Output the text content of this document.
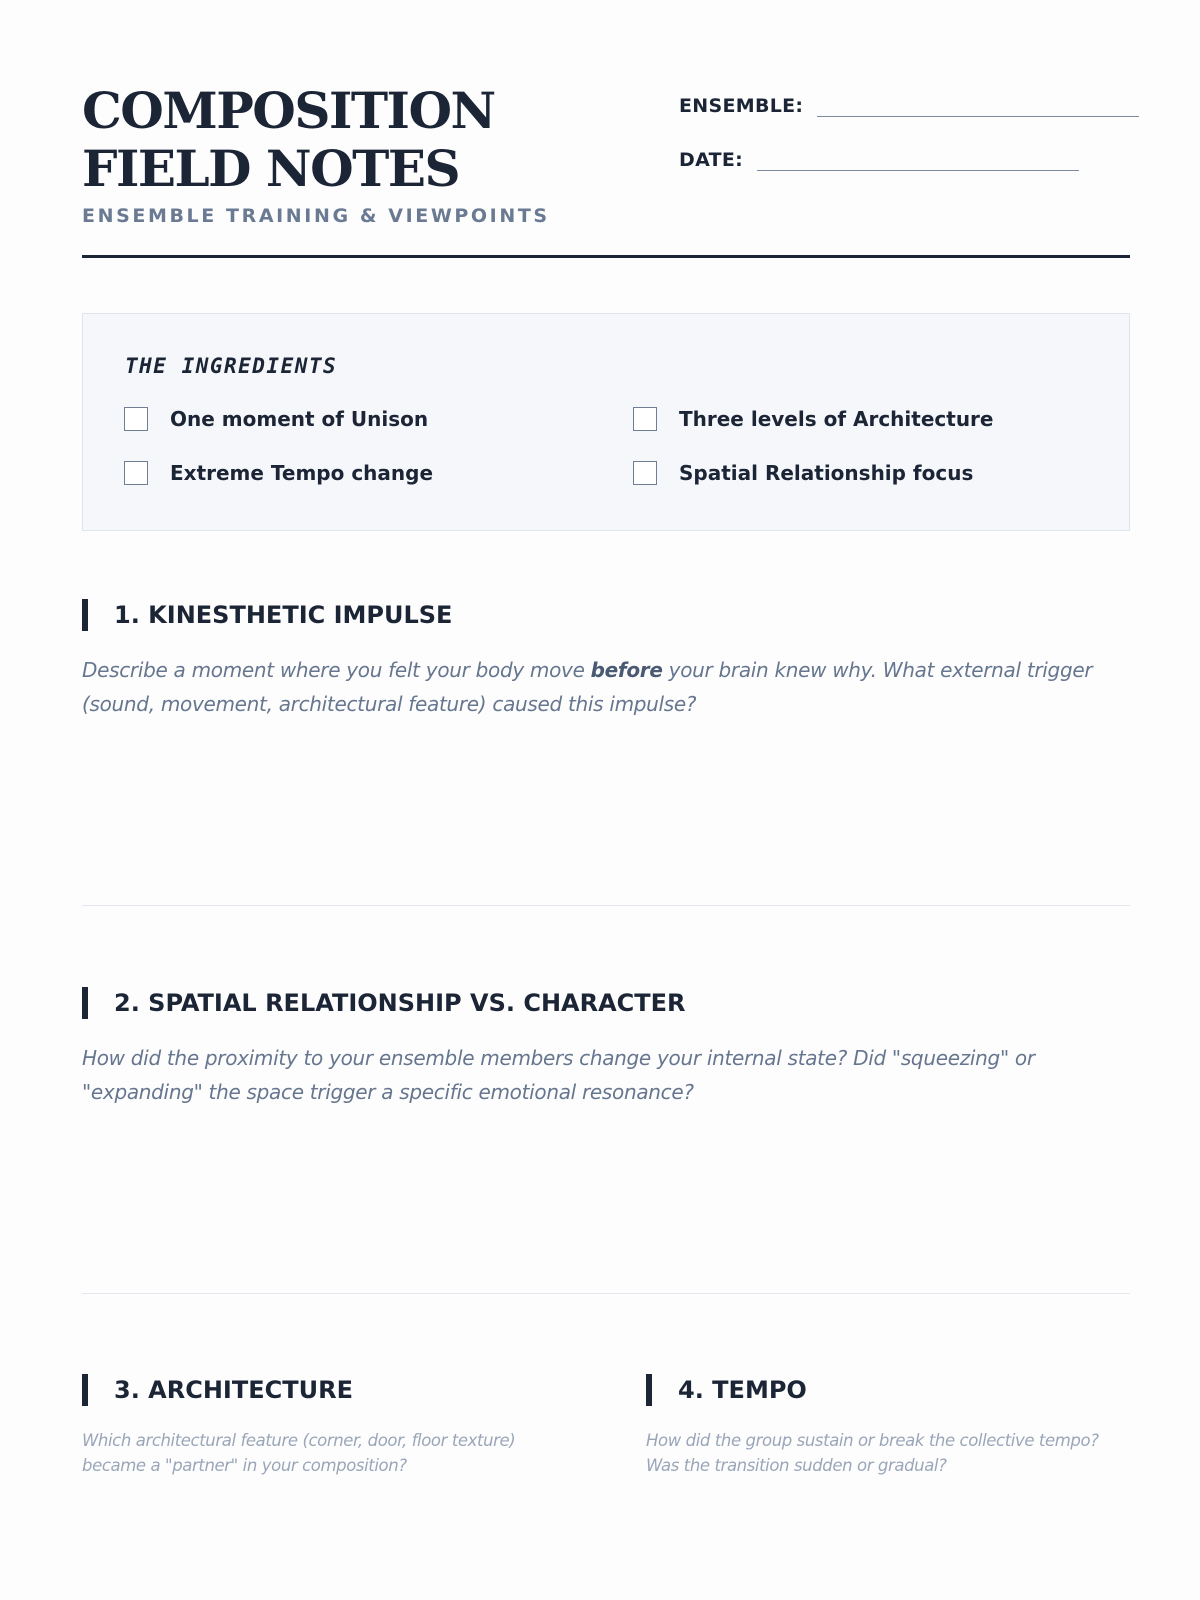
COMPOSITION FIELD NOTES
ENSEMBLE TRAINING & VIEWPOINTS
ENSEMBLE:
DATE:
THE INGREDIENTS
One moment of Unison	Three levels of Architecture
Extreme Tempo change	Spatial Relationship focus
1. KINESTHETIC IMPULSE
Describe a moment where you felt your body move before your brain knew why. What external trigger (sound, movement, architectural feature) caused this impulse?
2. SPATIAL RELATIONSHIP VS. CHARACTER
How did the proximity to your ensemble members change your internal state? Did "squeezing" or "expanding" the space trigger a specific emotional resonance?
3. ARCHITECTURE
Which architectural feature (corner, door, floor texture) became a "partner" in your composition?
4. TEMPO
How did the group sustain or break the collective tempo? Was the transition sudden or gradual?
